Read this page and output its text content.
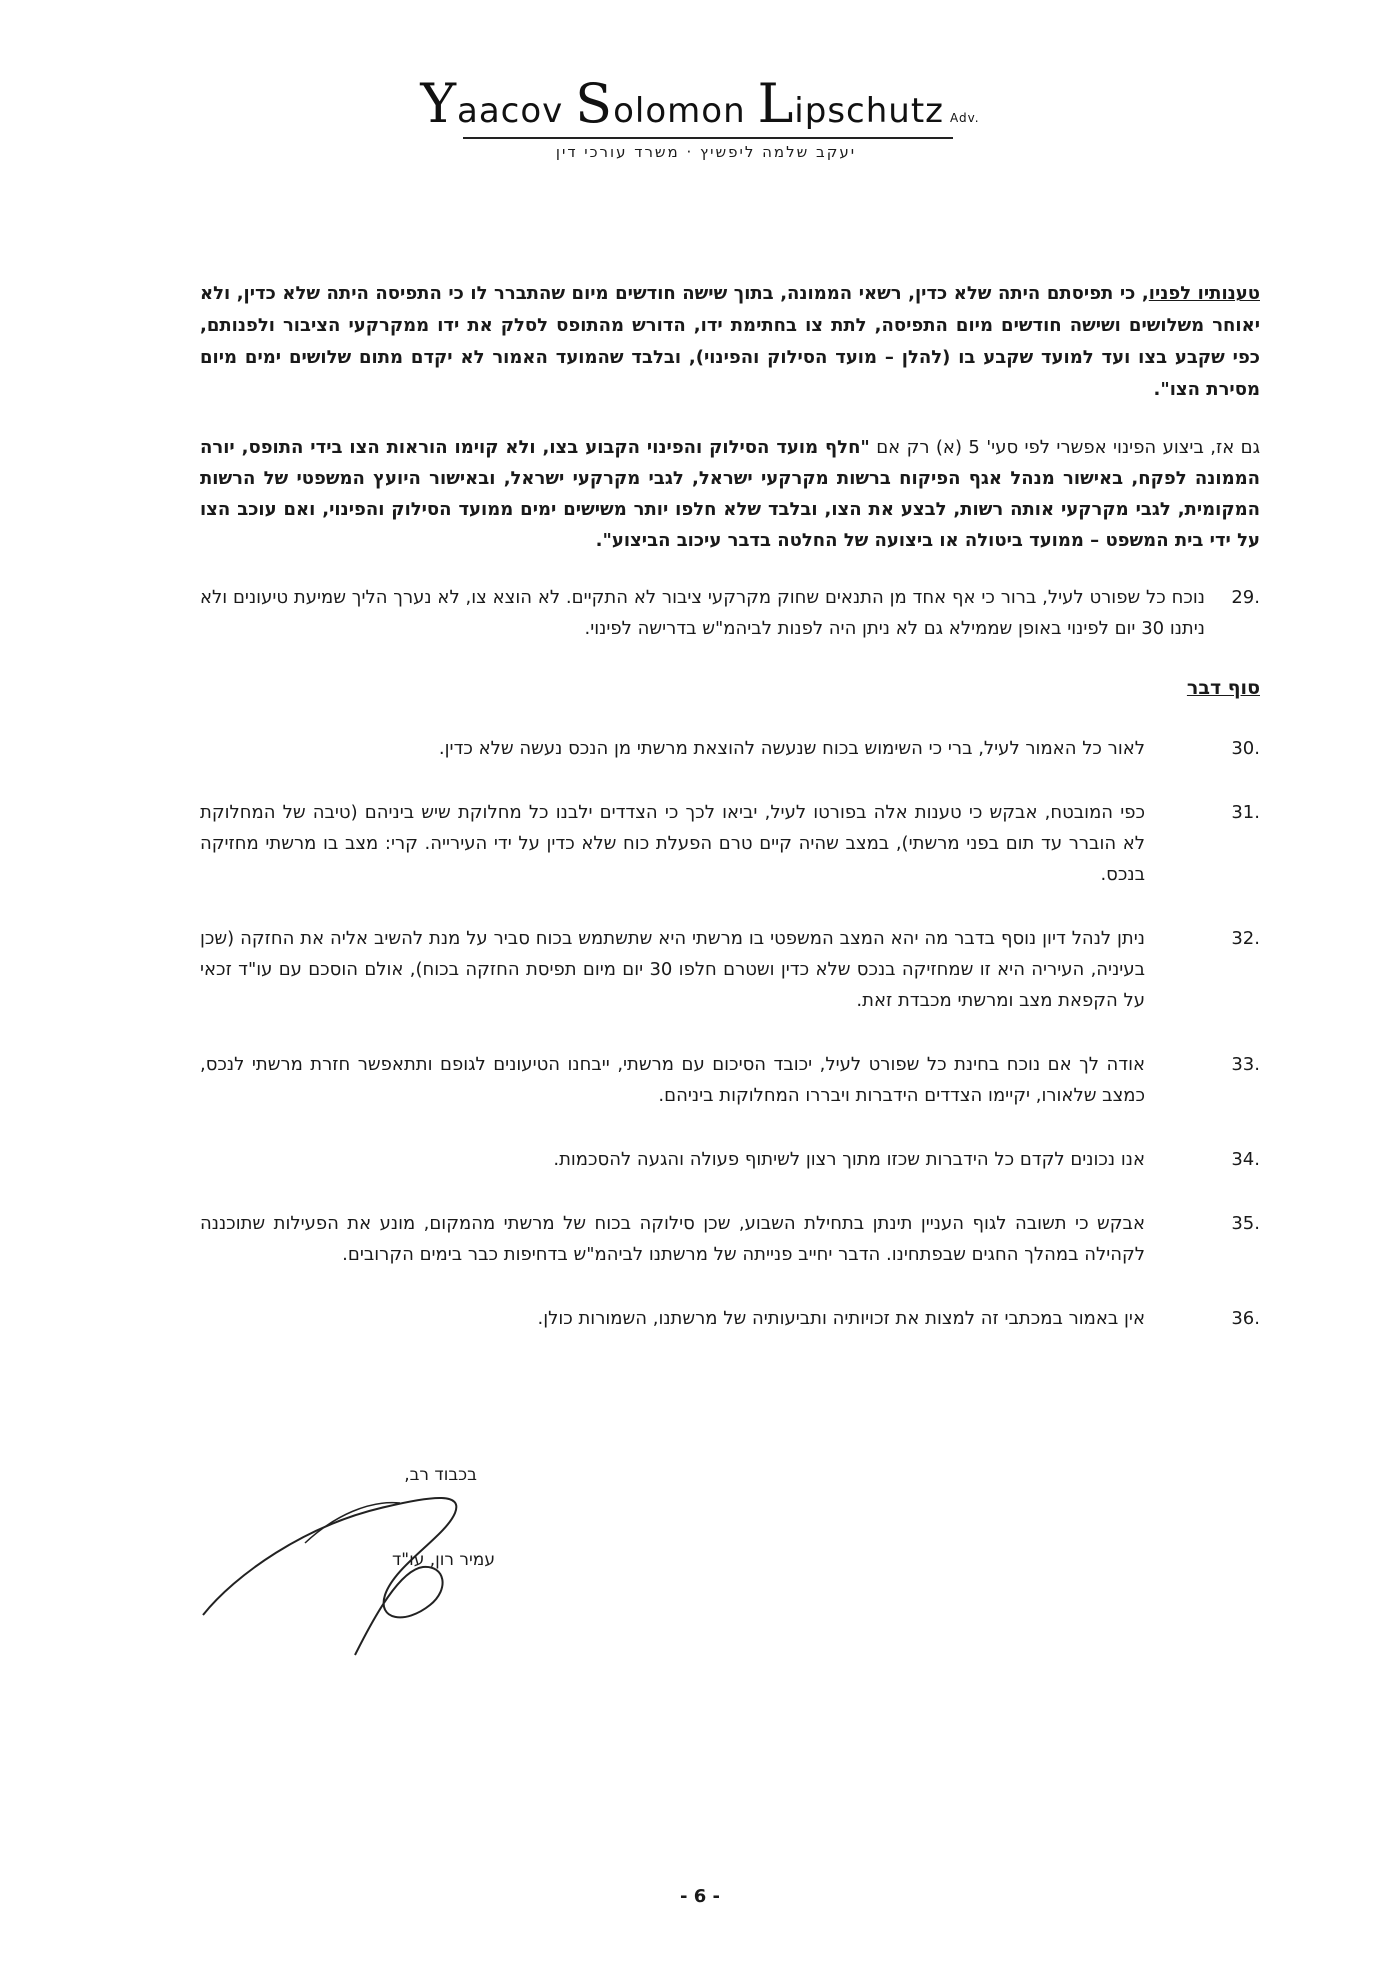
Yaacov Solomon Lipschutz Adv.
יעקב שלמה ליפשיץ · משרד עורכי דין

טענותיו לפניו, כי תפיסתם היתה שלא כדין, רשאי הממונה, בתוך שישה חודשים מיום שהתברר לו כי התפיסה היתה שלא כדין, ולא יאוחר משלושים ושישה חודשים מיום התפיסה, לתת צו בחתימת ידו, הדורש מהתופס לסלק את ידו ממקרקעי הציבור ולפנותם, כפי שקבע בצו ועד למועד שקבע בו (להלן – מועד הסילוק והפינוי), ובלבד שהמועד האמור לא יקדם מתום שלושים ימים מיום מסירת הצו".

גם אז, ביצוע הפינוי אפשרי לפי סעי' 5 (א) רק אם "חלף מועד הסילוק והפינוי הקבוע בצו, ולא קוימו הוראות הצו בידי התופס, יורה הממונה לפקח, באישור מנהל אגף הפיקוח ברשות מקרקעי ישראל, לגבי מקרקעי ישראל, ובאישור היועץ המשפטי של הרשות המקומית, לגבי מקרקעי אותה רשות, לבצע את הצו, ובלבד שלא חלפו יותר משישים ימים ממועד הסילוק והפינוי, ואם עוכב הצו על ידי בית המשפט – ממועד ביטולה או ביצועה של החלטה בדבר עיכוב הביצוע".

.29
נוכח כל שפורט לעיל, ברור כי אף אחד מן התנאים שחוק מקרקעי ציבור לא התקיים. לא הוצא צו, לא נערך הליך שמיעת טיעונים ולא ניתנו 30 יום לפינוי באופן שממילא גם לא ניתן היה לפנות לביהמ"ש בדרישה לפינוי.
סוף דבר
.30
לאור כל האמור לעיל, ברי כי השימוש בכוח שנעשה להוצאת מרשתי מן הנכס נעשה שלא כדין.
.31
כפי המובטח, אבקש כי טענות אלה בפורטו לעיל, יביאו לכך כי הצדדים ילבנו כל מחלוקת שיש ביניהם (טיבה של המחלוקת לא הוברר עד תום בפני מרשתי), במצב שהיה קיים טרם הפעלת כוח שלא כדין על ידי העירייה. קרי: מצב בו מרשתי מחזיקה בנכס.
.32
ניתן לנהל דיון נוסף בדבר מה יהא המצב המשפטי בו מרשתי היא שתשתמש בכוח סביר על מנת להשיב אליה את החזקה (שכן בעיניה, העיריה היא זו שמחזיקה בנכס שלא כדין ושטרם חלפו 30 יום מיום תפיסת החזקה בכוח), אולם הוסכם עם עו"ד זכאי על הקפאת מצב ומרשתי מכבדת זאת.
.33
אודה לך אם נוכח בחינת כל שפורט לעיל, יכובד הסיכום עם מרשתי, ייבחנו הטיעונים לגופם ותתאפשר חזרת מרשתי לנכס, כמצב שלאורו, יקיימו הצדדים הידברות ויבררו המחלוקות ביניהם.
.34
אנו נכונים לקדם כל הידברות שכזו מתוך רצון לשיתוף פעולה והגעה להסכמות.
.35
אבקש כי תשובה לגוף העניין תינתן בתחילת השבוע, שכן סילוקה בכוח של מרשתי מהמקום, מונע את הפעילות שתוכננה לקהילה במהלך החגים שבפתחינו. הדבר יחייב פנייתה של מרשתנו לביהמ"ש בדחיפות כבר בימים הקרובים.
.36
אין באמור במכתבי זה למצות את זכויותיה ותביעותיה של מרשתנו, השמורות כולן.
בכבוד רב,
עמיר רון, עו"ד
- 6 -
